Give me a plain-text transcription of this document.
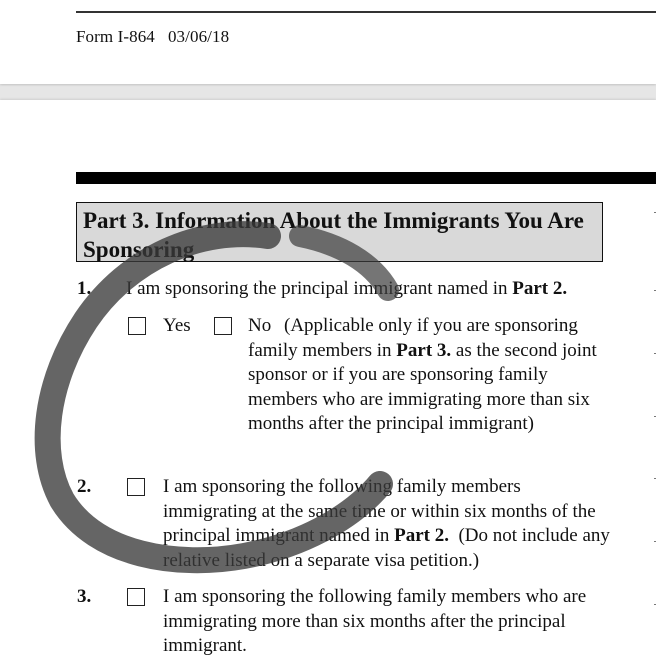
Form I-864   03/06/18
Part 3. Information About the Immigrants You Are Sponsoring
1. I am sponsoring the principal immigrant named in Part 2.
Yes	No (Applicable only if you are sponsoring family members in Part 3. as the second joint sponsor or if you are sponsoring family members who are immigrating more than six months after the principal immigrant)
2.	I am sponsoring the following family members immigrating at the same time or within six months of the principal immigrant named in Part 2.  (Do not include any relative listed on a separate visa petition.)
3.	I am sponsoring the following family members who are immigrating more than six months after the principal immigrant.
